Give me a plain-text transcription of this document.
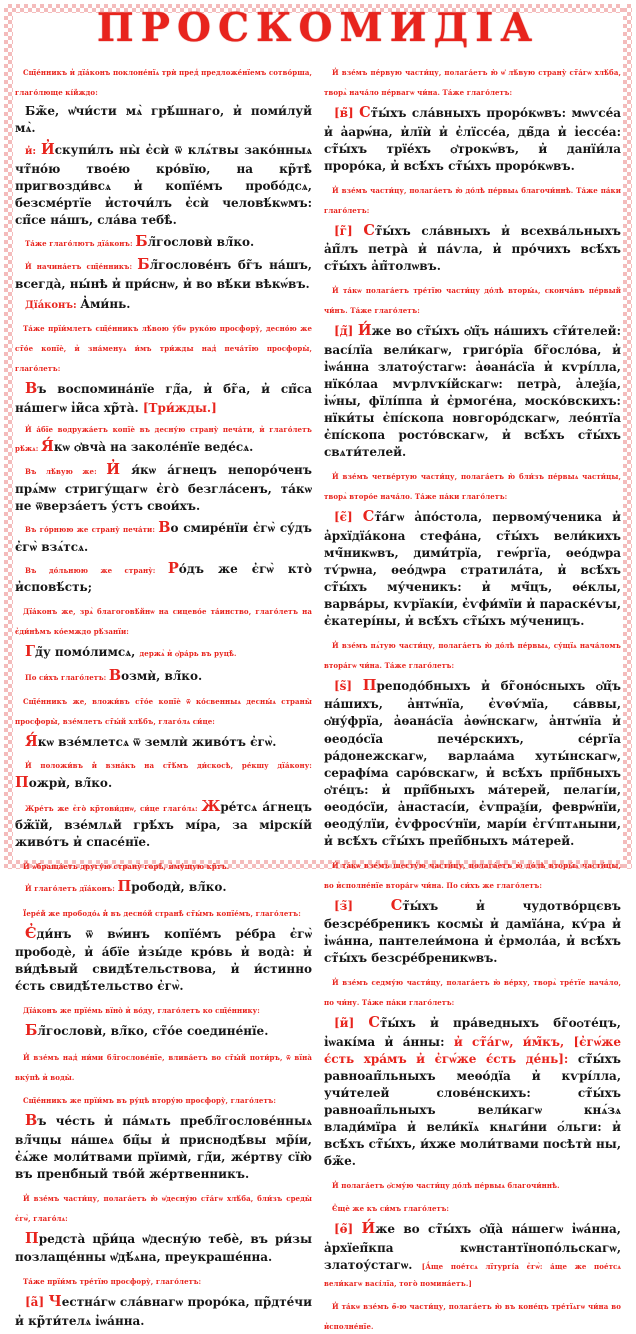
ПРОСКОМИДІА

Сщ̃е́нникъ и̓ дїа́конъ поклоне́нїѧ трѝ пред̾ предложе́нїемъ сотво́рша, глаго́люще кі́йждо:

Бж̃е, ѡ̓чи́сти мѧ̀ грѣ́шнаго, и̓ поми́луй мѧ̀.

и̓: И̓скупи́лъ ны̀ є̓сѝ ѿ клѧ́твы зако́нныѧ чт̃но́ю твое́ю кро́вїю, на кр̃тѣ̀ пригвозди́всѧ и̓ копїе́мъ пробо́дсѧ, безсме́ртїе и̓сточи́лъ є̓сѝ человѣ́кѡмъ: сп̃се на́шъ, сла́ва тебѣ̀.

Та́же глаго́лютъ дїа́конъ: Бл̃гословѝ вл̃ко.

И̓ начина́етъ сщ̃е́нникъ: Бл̃гослове́нъ бг̃ъ на́шъ, всегда̀, ны́нѣ и̓ при́снѡ, и̓ во вѣ́ки вѣкѡ́въ.

Дїа́конъ: А̓ми́нь.

Та́же прїи́млетъ сщ̃е́нникъ лѣ́вою у́бѡ руко́ю просфору̀, десно́ю же ст̃о́е копїѐ, и̓ зна́менуѧ и́мъ три́жды над̾ печа́тїю просфоры̀, глаго́летъ:

Въ воспомина́нїе гд̃а, и̓ бг̃а, и̓ сп̃са на́шегѡ і̓и̃са хр̃та̀. [Три́жды.]

И̓ а́бїе водружа́етъ копїѐ въ десну́ю страну̀ печа́ти, и̓ глаго́летъ рѣ́жѧ: Я́кѡ ѻ̓вча̀ на заколе́нїе веде́сѧ.

Въ лѣ́вую же: И̓ я́кѡ а́гнецъ непоро́ченъ прѧ́мѡ стригу́щагѡ є̓го̀ безгла́сенъ, та́кѡ не ѿверза́етъ у́стъ свои́хъ.

Въ го́рнюю же страну̀ печа́ти: Во смире́нїи є̓гѡ̀ су́дъ є̓гѡ̀ взѧ́тсѧ.

Въ до́льнюю же страну̀: Ро́дъ же є̓гѡ̀ кто̀ и̓сповѣ́сть;

Дїа́конъ же, зрѧ̀ благоговѣ́йнѡ на сицево́е та́инство, глаго́летъ на є̓ди́нѣмъ ко́емждо рѣ́занїи:

Гд̃у помо́лимсѧ, держѧ̀ и̓ ѻ̓ра́рь въ руцѣ̀.

По си́хъ глаго́летъ: Возмѝ, вл̃ко.

Сщ̃е́нникъ же, вложи́въ ст̃о́е копїѐ ѿ ко́свенныѧ десны́ѧ страны̀ просфоры̀, взе́млетъ ст̃ы́й хлѣ́бъ, глаго́лѧ си́це:

Я́кѡ взе́млетсѧ ѿ землѝ живо́тъ є̓гѡ̀.

И̓ положи́въ и̓̀ взна́къ на ст̃ѣ́мъ ди́скосѣ, ре́кшу дїа́кону: Пожрѝ, вл̃ко.

Жре́тъ же є̓го̀ кр̃тови́днѡ, си́це глаго́лѧ: Жре́тсѧ а́гнецъ бж̃їй, взе́млѧй грѣ́хъ мі́ра, за мірскі́й живо́тъ и̓ спасе́нїе.

И̓ ѡ̓браща́етъ другу́ю страну̀ горѣ̀, и̓му́щую кр̃тъ.

И̓ глаго́летъ дїа́конъ: Прободѝ, вл̃ко.

Їере́й же прободо́ѧ и̓̀ въ десно́й странѣ̀ ст̃ы́мъ копїе́мъ, глаго́летъ:

Є̓ди́нъ ѿ вѡ́инъ копїе́мъ ре́бра є̓гѡ̀ прободѐ, и̓ а́бїе и̓зы́де кро́вь и̓ вода̀: и̓ ви́дѣвый свидѣ́тельствова, и̓ и́стинно є́сть свидѣ́тельство є̓гѡ̀.

Дїа́конъ же прїе́мь вїно̀ и̓ во́ду, глаго́летъ ко сщ̃е́ннику:

Бл̃гословѝ, вл̃ко, ст̃о́е соедине́нїе.

И̓ взе́мъ над̾ ни́ми бл̃гослове́нїе, влива́етъ во ст̃ы́й поти́ръ, ѿ вїна̀ вку́пѣ и̓ воды̀.

Сщ̃е́нникъ же прїи́мъ въ ру́цѣ втору́ю просфору̀, глаго́летъ:

Въ че́сть и̓ па́мѧть пребл̃гослове́нныѧ вл̃чцы на́шеѧ бц̃ы и̓ приснодѣ́вы мр̃і́и, є̓ѧ́же моли́твами прїимѝ, гд̃и, же́ртву сїю̀ въ пренб̃ный тво́й же́ртвенникъ.

И̓ взе́мъ части́цу, полага́етъ ю̀ ѡ̓десну́ю ст̃а́гѡ хлѣ́ба, бли́зъ среды̀ є̓гѡ̀, глаго́лѧ:

Предста̀ цр̃и́ца ѡ̓десну́ю тебѐ, въ ри́зы позлаще́нны ѡ̓дѣ́ѧна, преукраше́нна.

Та́же прїи́мъ тре́тїю просфору̀, глаго́летъ:

[а̃] Честна́гѡ сла́внагѡ проро́ка, пр̃дте́чи и̓ кр̃ти́телѧ і̓ѡа́нна.

И̓ взе́мъ пе́рвую части́цу, полага́етъ ю̀ ѡ̓ лѣ́вую страну̀ ст̃а́гѡ хлѣ́ба, творѧ̀ нача́ло пе́рвагѡ чи́на. Та́же глаго́летъ:

[в̃] Ст̃ы́хъ сла́вныхъ проро́кѡвъ: мѡѵсе́а и̓ а̓арѡ́на, и̓лїѝ и̓ є̓лїссе́а, дв̃да и̓ і̓ессе́а: ст̃ы́хъ трїе́хъ ѻ̓трокѡ́въ, и̓ данїи́ла проро́ка, и̓ всѣ́хъ ст̃ы́хъ проро́кѡвъ.

И̓ взе́мъ части́цу, полага́етъ ю̀ до́лѣ пе́рвыѧ благочи́ннѣ. Та́же па́ки глаго́летъ:

[г̃] Ст̃ы́хъ сла́вныхъ и̓ всехва́льныхъ а̓п̃лъ петра̀ и̓ па́ѵла, и̓ про́чихъ всѣ́хъ ст̃ы́хъ а̓п̃толѡвъ.

И̓ та́кѡ полага́етъ тре́тїю части́цу до́лѣ вторы́ѧ, сконча́въ пе́рвый чи́нъ. Та́же глаго́летъ:

[д̃] И́же во ст̃ы́хъ ѻ̓ц̃ъ на́шихъ ст̃и́телей: васі́лїа вели́кагѡ, григо́рїа бг̃осло́ва, и̓ і̓ѡа́нна златоу́стагѡ: а̓ѳана́сїа и̓ кѵрі́лла, нїко́лаа мѵрлѵкі́йскагѡ: петра̀, а̓леѯі́а, і̓ѡ́ны, фїлі́ппа и̓ є̓рмоге́на, моско́вскихъ: нїки́ты є̓пі́скопа новгоро́дскагѡ, лео́нтїа є̓пі́скопа росто́вскагѡ, и̓ всѣ́хъ ст̃ы́хъ свѧти́телей.

И̓ взе́мъ четве́ртую части́цу, полага́етъ ю̀ бли́зъ пе́рвыѧ части́цы, творѧ̀ второ́е нача́ло. Та́же па́ки глаго́летъ:

[є̃] Ст̃а́гѡ а̓по́стола, первому́ченика и̓ а̓рхїдїа́кона стефа́на, ст̃ы́хъ вели́кихъ мч̃никѡвъ, дими́трїа, геѡ́ргїа, ѳео́дѡра тѵ́рѡна, ѳео́дѡра стратила́та, и̓ всѣ́хъ ст̃ы́хъ му́ченикъ: и̓ мч̃цъ, ѳе́клы, варва́ры, кѵрїакі́и, є̓ѵфи́мїи и̓ параске́ѵы, є̓катері́ны, и̓ всѣ́хъ ст̃ы́хъ му́ченицъ.

И̓ взе́мъ пѧ́тую части́цу, полага́етъ ю̀ до́лѣ пе́рвыѧ, су́щїѧ нача́ломъ втора́гѡ чи́на. Та́же глаго́летъ:

[ѕ̃] Преподо́бныхъ и̓ бг̃оно́сныхъ ѻ̓ц̃ъ на́шихъ, а̓нтѡ́нїа, є̓ѵѳѵ́мїа, са́ввы, ѻ̓ну́фрїа, а̓ѳана́сїа а̓ѳѡ́нскагѡ, а̓нтѡ́нїа и̓ ѳеодо́сїа пече́рскихъ, се́ргїа ра́донежскагѡ, варлаа́ма хуты́нскагѡ, серафі́ма саро́вскагѡ, и̓ всѣ́хъ прп̃бныхъ ѻ̓те́цъ: и̓ прп̃бныхъ ма́терей, пелагі́и, ѳеодо́сїи, а̓настасі́и, є̓ѵпраѯі́и, феврѡ́нїи, ѳеоду́лїи, є̓ѵфросѵ́нїи, марі́и є̓гѵ́птѧныни, и̓ всѣ́хъ ст̃ы́хъ преп̃бныхъ ма́терей.

И̓ та́кѡ взе́мъ шесту́ю части́цу, полага́етъ ю̀ до́лѣ вторы́ѧ части́цы, во и̓сполне́нїе втора́гѡ чи́на. По си́хъ же глаго́летъ:

[з̃] Ст̃ы́хъ и̓ чудотво́рцєвъ безсре́бреникъ космы̀ и̓ дамїа́на, кѵ́ра и̓ і̓ѡа́нна, пантелеи́мона и̓ є̓рмола́а, и̓ всѣ́хъ ст̃ы́хъ безсре́бреникѡвъ.

И̓ взе́мъ седму́ю части́цу, полага́етъ ю̀ ве́рху, творѧ̀ тре́тїе нача́ло, по чи́ну. Та́же па́ки глаго́летъ:

[и̃] Ст̃ы́хъ и̓ пра́ведныхъ бг̃оѻте́цъ, і̓ѡакі́ма и̓ а́нны: и̓ ст̃а́гѡ, и́м̃къ, [є̓гѡ́же є́сть хра́мъ и̓ є̓гѡ́же є́сть де́нь]: ст̃ы́хъ равноап̃льныхъ меѳо́дїа и̓ кѵрі́лла, учи́телей слове́нскихъ: ст̃ы́хъ равноап̃льныхъ вели́кагѡ кнѧ́зѧ влади́мїра и̓ вели́кїѧ кнѧги́ни ѻ́льги: и̓ всѣ́хъ ст̃ы́хъ, и́хже моли́твами посѣтѝ ны, бж̃е.

И̓ полага́етъ ѻ̓сму́ю части́цу до́лѣ пе́рвыѧ благочи́ннѣ.

Є̓щѐ же къ си́мъ глаго́летъ:

[ѳ̃] И́же во ст̃ы́хъ ѻ̓ц̃а̀ на́шегѡ і̓ѡа́нна, а̓рхїеп̃кпа кѡнстантїнопо́льскагѡ, златоу́стагѡ. [А́ще пое́тсѧ лїтургі́а є̓гѡ̀: а́ще же пое́тсѧ вели́кагѡ васі́лїа, того̀ помина́етъ.]

И̓ та́кѡ взе́мъ ѳ̃-ю части́цу, полага́етъ ю̀ въ коне́цъ тре́тїѧгѡ чи́на во и̓сполне́нїе.
